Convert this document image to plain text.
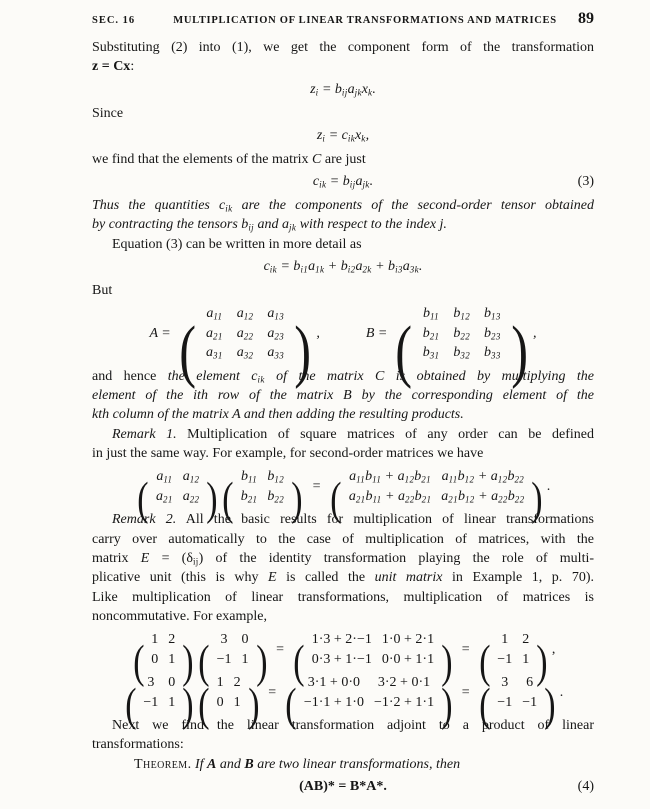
SEC. 16	MULTIPLICATION OF LINEAR TRANSFORMATIONS AND MATRICES	89
Substituting (2) into (1), we get the component form of the transformation
z = Cx:
$z_i = b_{ij}a_{jk}x_k$.
Since
$z_i = c_{ik}x_k$,
we find that the elements of the matrix C are just
$c_{ik} = b_{ij}a_{jk}$.	(3)
Thus the quantities $c_{ik}$ are the components of the second-order tensor obtained
by contracting the tensors $b_{ij}$ and $a_{jk}$ with respect to the index j.
Equation (3) can be written in more detail as
$c_{ik} = b_{i1}a_{1k} + b_{i2}a_{2k} + b_{i3}a_{3k}$.
But
A = ( $a_{11}$	$a_{12}$	$a_{13}$
$a_{21}$	$a_{22}$	$a_{23}$
$a_{31}$	$a_{32}$	$a_{33}$ ) ,	B = ( $b_{11}$	$b_{12}$	$b_{13}$
$b_{21}$	$b_{22}$	$b_{23}$
$b_{31}$	$b_{32}$	$b_{33}$ ) ,
and hence the element $c_{ik}$ of the matrix C is obtained by multiplying the
element of the ith row of the matrix B by the corresponding element of the
kth column of the matrix A and then adding the resulting products.
Remark 1. Multiplication of square matrices of any order can be defined
in just the same way. For example, for second-order matrices we have
( $a_{11}$	$a_{12}$
$a_{21}$	$a_{22}$ ) ( $b_{11}$	$b_{12}$
$b_{21}$	$b_{22}$ ) = ( $a_{11}b_{11} + a_{12}b_{21}$	$a_{11}b_{12} + a_{12}b_{22}$
$a_{21}b_{11} + a_{22}b_{21}$	$a_{21}b_{12} + a_{22}b_{22}$ ) .
Remark 2. All the basic results for multiplication of linear transformations
carry over automatically to the case of multiplication of matrices, with the
matrix $E = (\delta_{ij})$ of the identity transformation playing the role of multi-
plicative unit (this is why E is called the unit matrix in Example 1, p. 70).
Like multiplication of linear transformations, multiplication of matrices is
noncommutative. For example,
( 1	2
0	1 ) ( 3	0
−1	1 ) = ( 1·3 + 2·−1	1·0 + 2·1
0·3 + 1·−1	0·0 + 1·1 ) = ( 1	2
−1	1 ) ,
( 3	0
−1	1 ) ( 1	2
0	1 ) = ( 3·1 + 0·0	3·2 + 0·1
−1·1 + 1·0	−1·2 + 1·1 ) = ( 3	6
−1	−1 ) .
Next we find the linear transformation adjoint to a product of linear
transformations:
Theorem. If A and B are two linear transformations, then
(AB)* = B*A*.	(4)
